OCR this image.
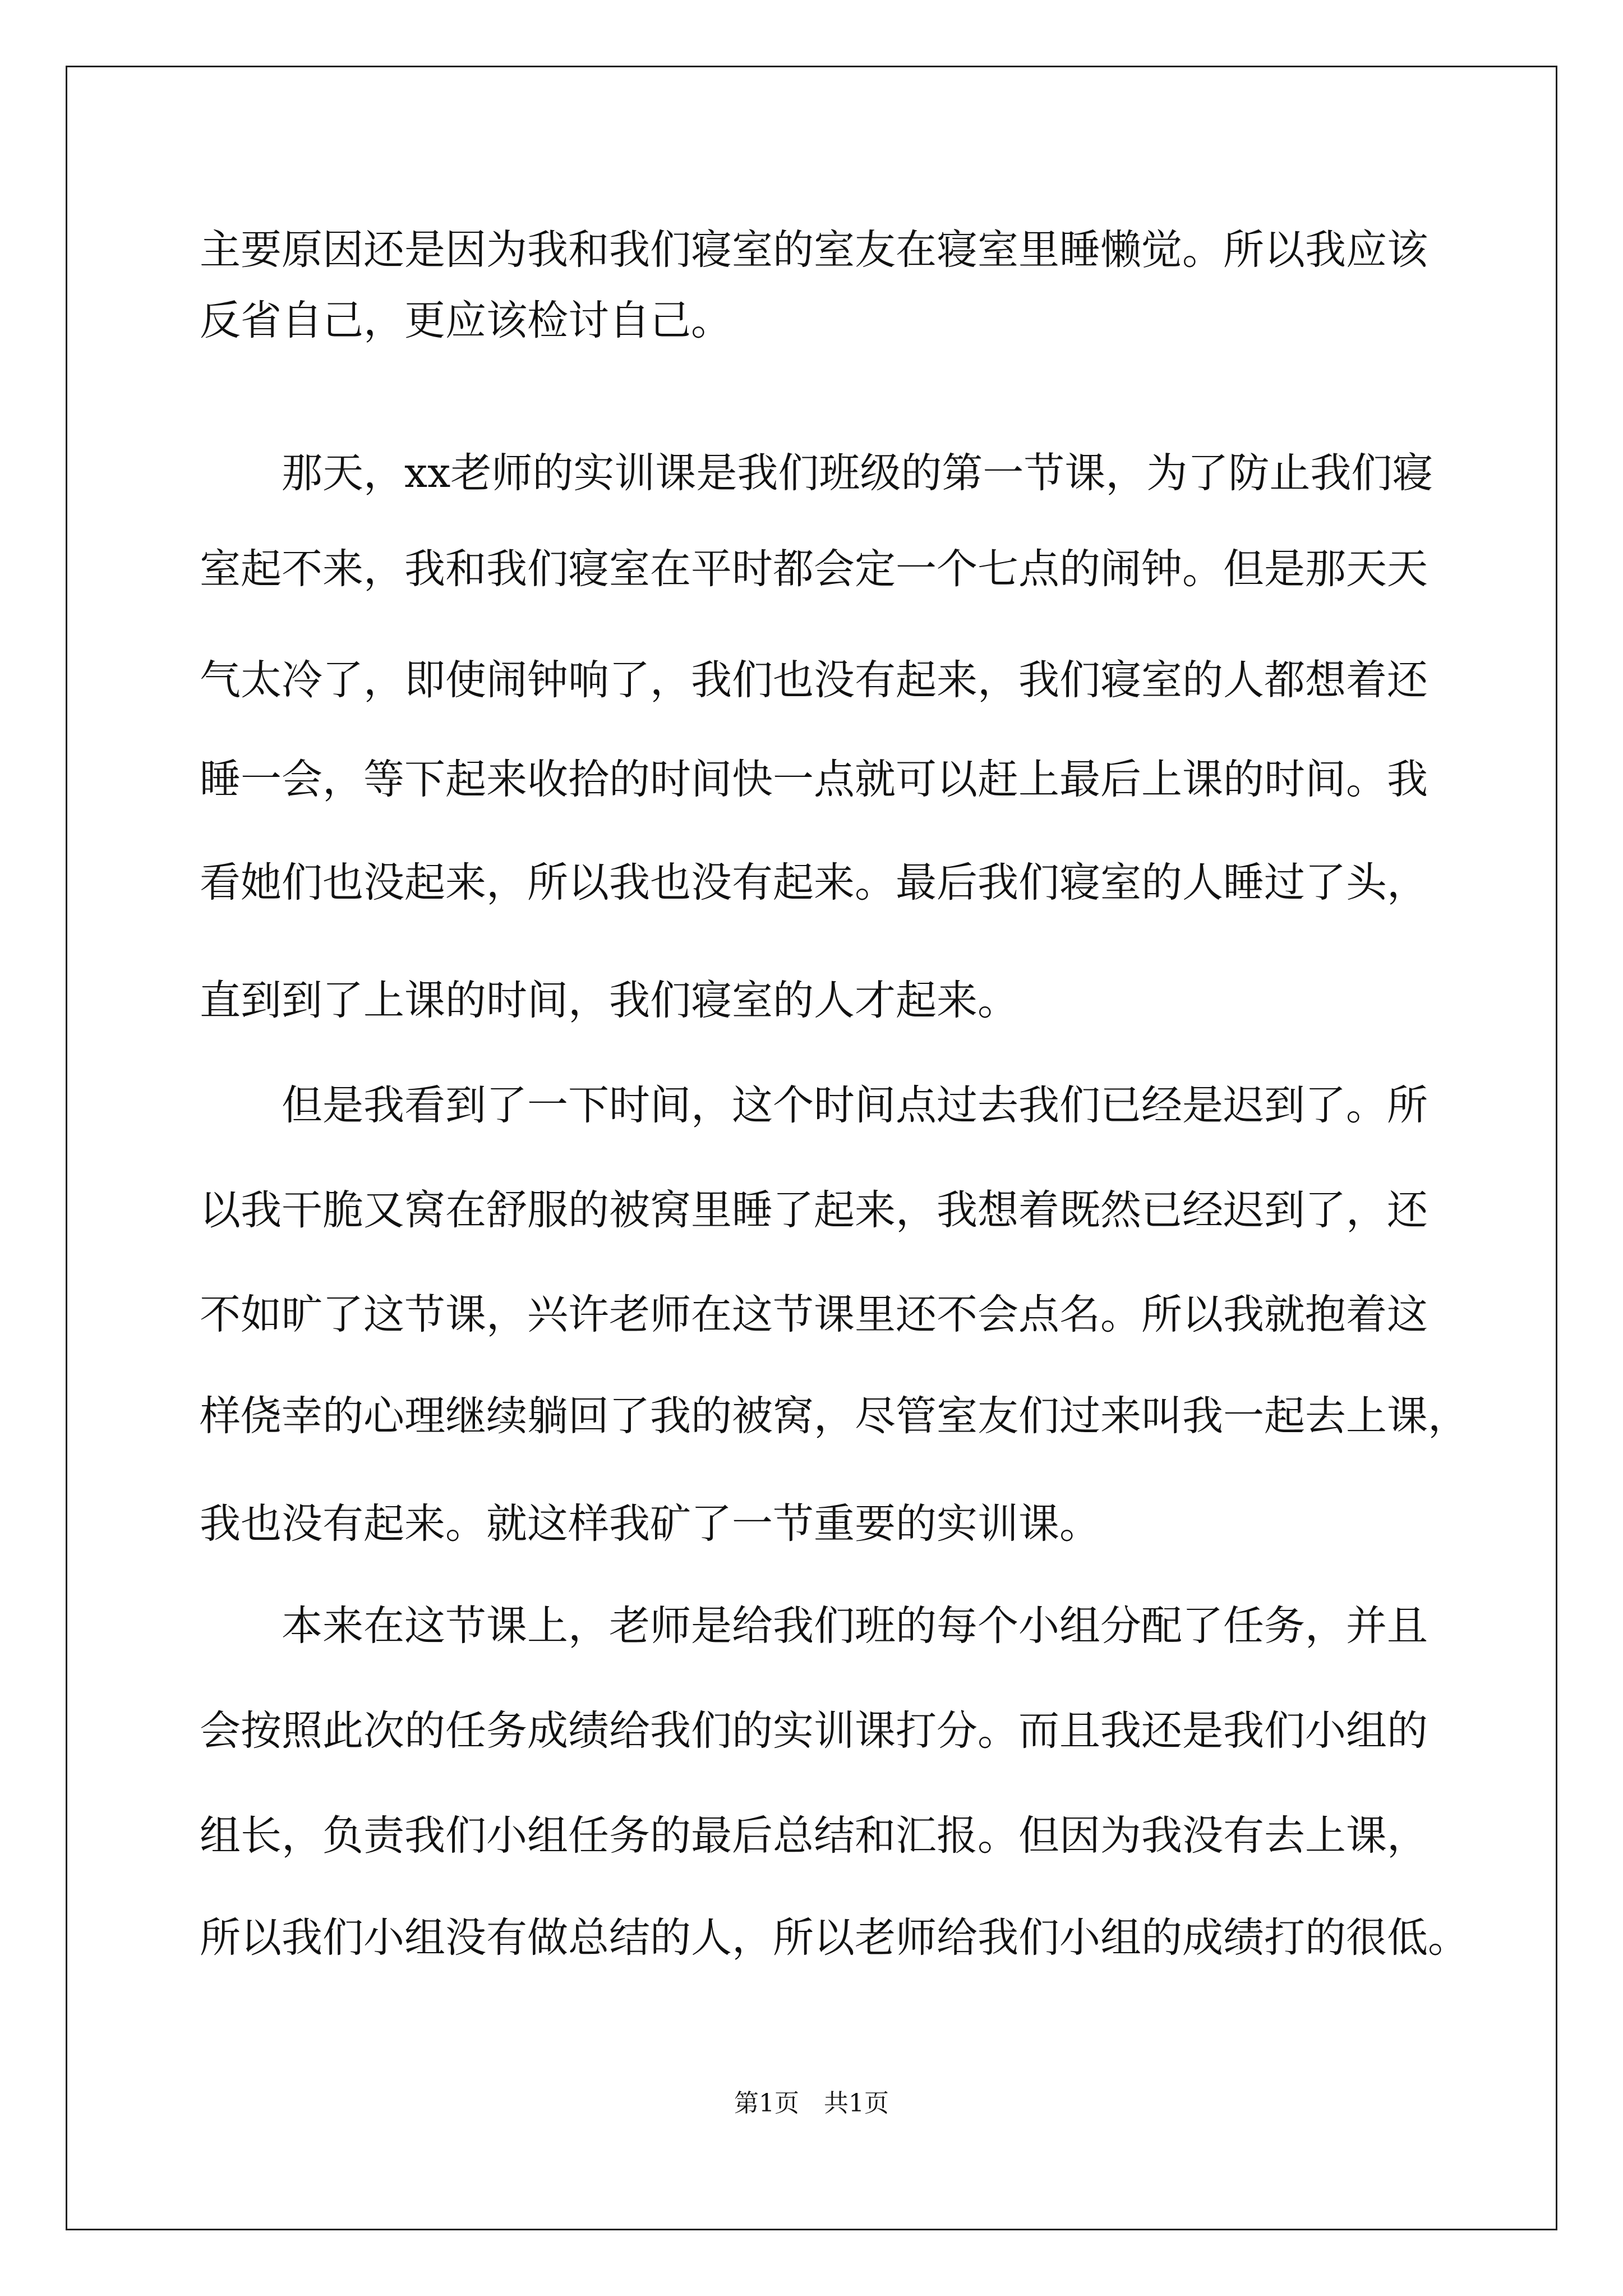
主要原因还是因为我和我们寝室的室友在寝室里睡懒觉。所以我应该
反省自己，更应该检讨自己。
　　那天，xx老师的实训课是我们班级的第一节课，为了防止我们寝
室起不来，我和我们寝室在平时都会定一个七点的闹钟。但是那天天
气太冷了，即使闹钟响了，我们也没有起来，我们寝室的人都想着还
睡一会，等下起来收拾的时间快一点就可以赶上最后上课的时间。我
看她们也没起来，所以我也没有起来。最后我们寝室的人睡过了头，
直到到了上课的时间，我们寝室的人才起来。
　　但是我看到了一下时间，这个时间点过去我们已经是迟到了。所
以我干脆又窝在舒服的被窝里睡了起来，我想着既然已经迟到了，还
不如旷了这节课，兴许老师在这节课里还不会点名。所以我就抱着这
样侥幸的心理继续躺回了我的被窝，尽管室友们过来叫我一起去上课，
我也没有起来。就这样我矿了一节重要的实训课。
　　本来在这节课上，老师是给我们班的每个小组分配了任务，并且
会按照此次的任务成绩给我们的实训课打分。而且我还是我们小组的
组长，负责我们小组任务的最后总结和汇报。但因为我没有去上课，
所以我们小组没有做总结的人，所以老师给我们小组的成绩打的很低。
第1页　共1页
